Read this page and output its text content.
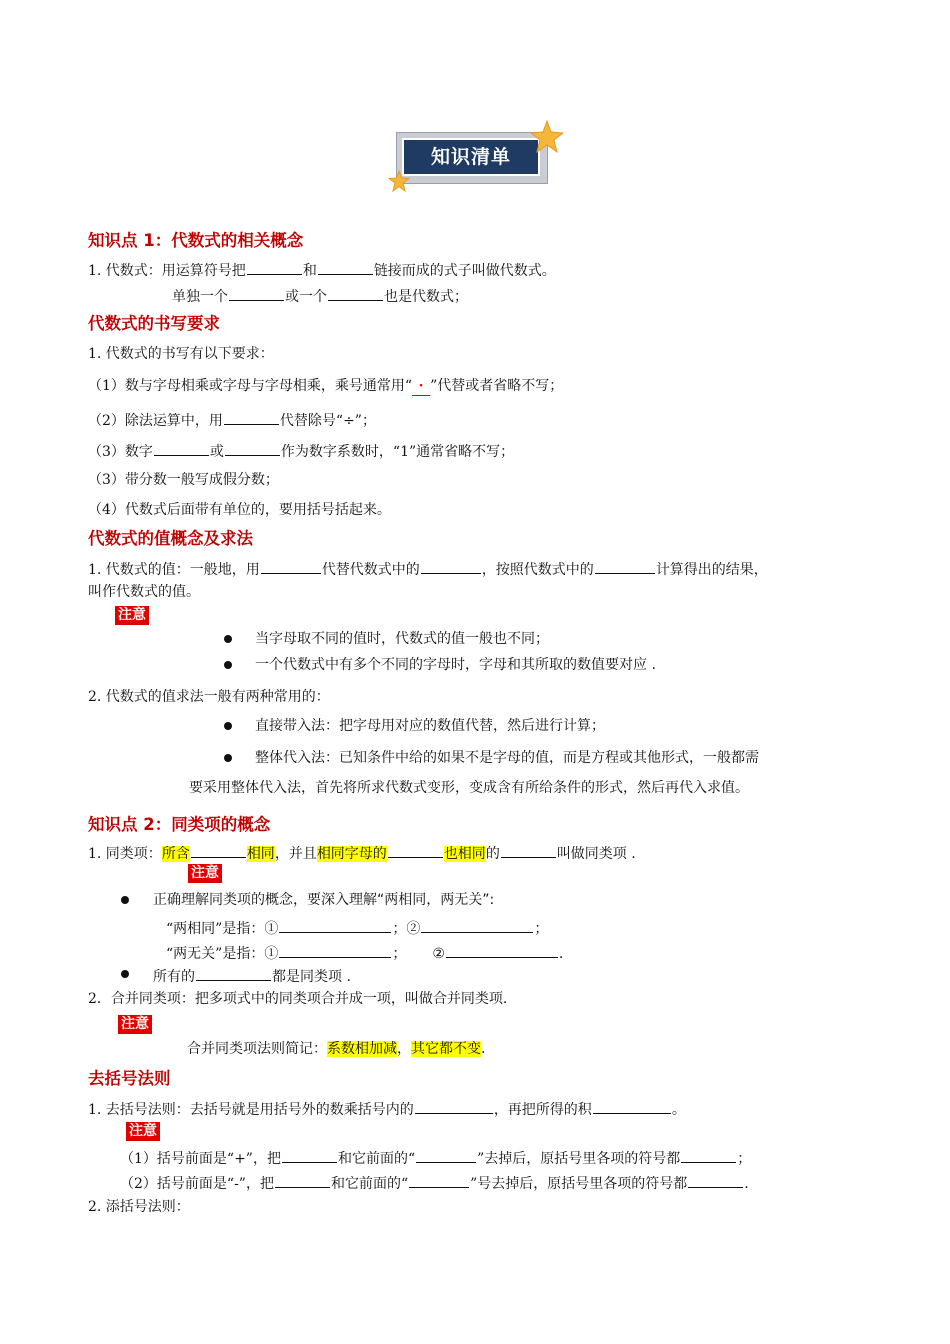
知识清单
知识点 1：代数式的相关概念
1. 代数式：用运算符号把	和	链接而成的式子叫做代数式。
单独一个	或一个	也是代数式；
代数式的书写要求
1. 代数式的书写有以下要求：
（1）数与字母相乘或字母与字母相乘，乘号通常用“ · ”代替或者省略不写；
（2）除法运算中，用	代替除号“÷”；
（3）数字	或	作为数字系数时，“1”通常省略不写；
（3）带分数一般写成假分数；
（4）代数式后面带有单位的，要用括号括起来。
代数式的值概念及求法
1. 代数式的值：一般地，用	代替代数式中的	，按照代数式中的	计算得出的结果，
叫作代数式的值。
注意
当字母取不同的值时，代数式的值一般也不同；
一个代数式中有多个不同的字母时，字母和其所取的数值要对应 .
2. 代数式的值求法一般有两种常用的：
直接带入法：把字母用对应的数值代替，然后进行计算；
整体代入法：已知条件中给的如果不是字母的值，而是方程或其他形式，一般都需
要采用整体代入法，首先将所求代数式变形，变成含有所给条件的形式，然后再代入求值。
知识点 2：同类项的概念
1. 同类项：所含	相同，并且相同字母的	也相同的	叫做同类项 .
注意
正确理解同类项的概念，要深入理解“两相同，两无关”:
“两相同”是指：①	；②	；
“两无关”是指：①	； ②	.
所有的	都是同类项 .
2．合并同类项：把多项式中的同类项合并成一项，叫做合并同类项.
注意
合并同类项法则简记：系数相加减，其它都不变.
去括号法则
1. 去括号法则：去括号就是用括号外的数乘括号内的	，再把所得的积	。
注意
（1）括号前面是“+”，把	和它前面的“	”去掉后，原括号里各项的符号都	；
（2）括号前面是“-”，把	和它前面的“	”号去掉后，原括号里各项的符号都	.
2. 添括号法则：
